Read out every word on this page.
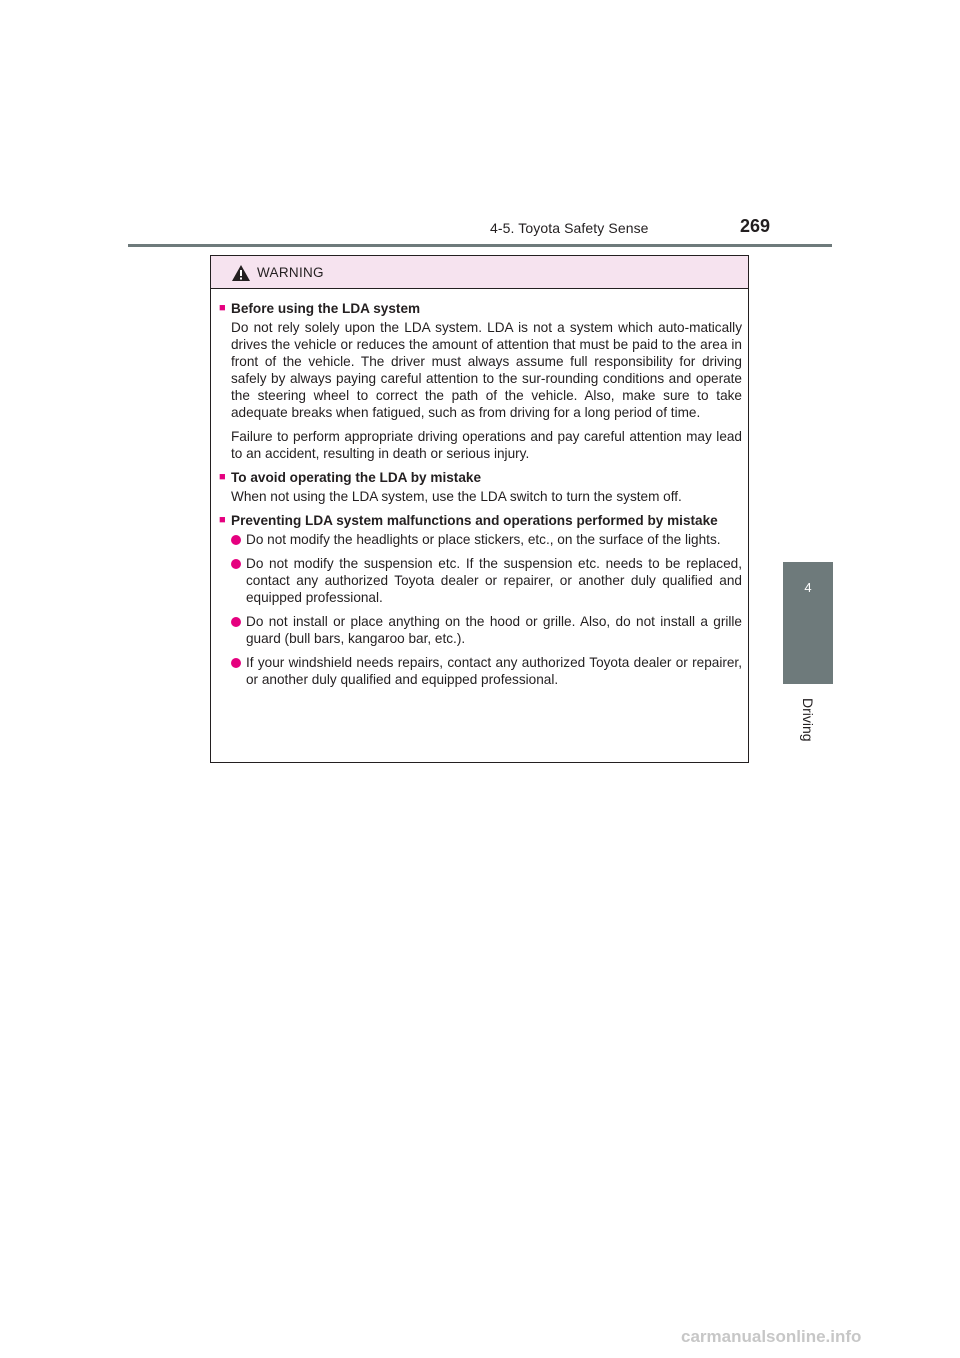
4-5. Toyota Safety Sense	269
4
Driving
WARNING
■ Before using the LDA system
Do not rely solely upon the LDA system. LDA is not a system which auto-matically drives the vehicle or reduces the amount of attention that must be paid to the area in front of the vehicle. The driver must always assume full responsibility for driving safely by always paying careful attention to the sur-rounding conditions and operate the steering wheel to correct the path of the vehicle. Also, make sure to take adequate breaks when fatigued, such as from driving for a long period of time.
Failure to perform appropriate driving operations and pay careful attention may lead to an accident, resulting in death or serious injury.
■ To avoid operating the LDA by mistake
When not using the LDA system, use the LDA switch to turn the system off.
■ Preventing LDA system malfunctions and operations performed by mistake
Do not modify the headlights or place stickers, etc., on the surface of the lights.
Do not modify the suspension etc. If the suspension etc. needs to be replaced, contact any authorized Toyota dealer or repairer, or another duly qualified and equipped professional.
Do not install or place anything on the hood or grille. Also, do not install a grille guard (bull bars, kangaroo bar, etc.).
If your windshield needs repairs, contact any authorized Toyota dealer or repairer, or another duly qualified and equipped professional.
carmanualsonline.info
